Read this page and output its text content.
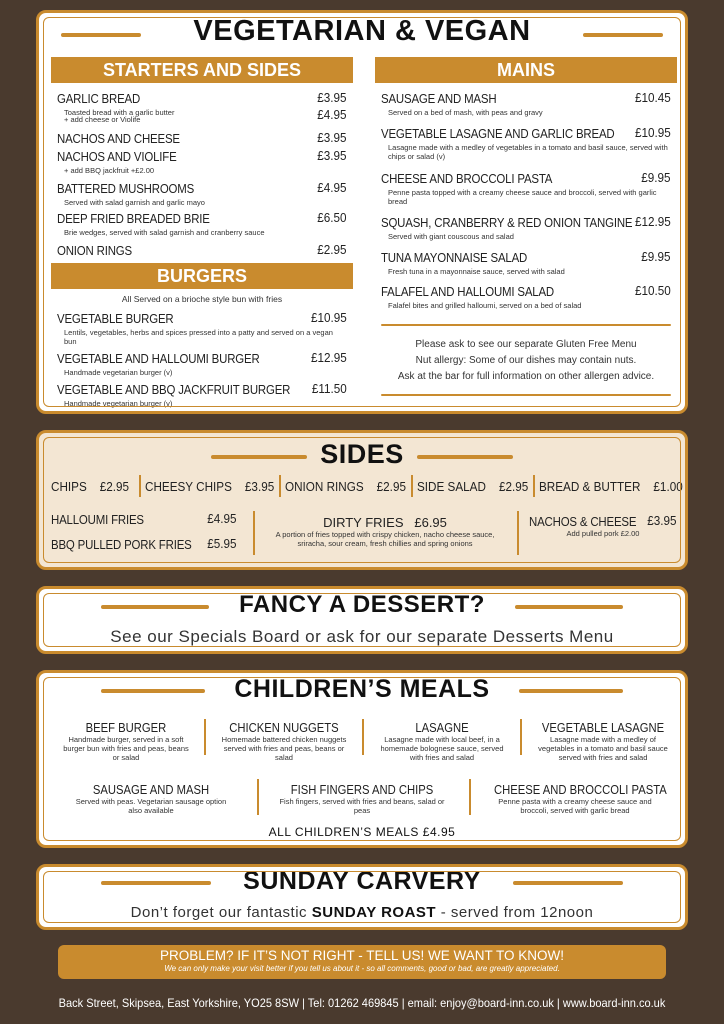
VEGETARIAN & VEGAN
STARTERS AND SIDES
GARLIC BREAD	£3.95
Toasted bread with a garlic butter
+ add cheese or Violife	£4.95
NACHOS AND CHEESE	£3.95
NACHOS AND VIOLIFE	£3.95
+ add BBQ jackfruit +£2.00
BATTERED MUSHROOMS	£4.95
Served with salad garnish and garlic mayo
DEEP FRIED BREADED BRIE	£6.50
Brie wedges, served with salad garnish and cranberry sauce
ONION RINGS	£2.95
BURGERS
All Served on a brioche style bun with fries
VEGETABLE BURGER	£10.95
Lentils, vegetables, herbs and spices pressed into a patty and served on a vegan bun
VEGETABLE AND HALLOUMI BURGER	£12.95
Handmade vegetarian burger (v)
VEGETABLE AND BBQ JACKFRUIT BURGER £11.50
Handmade vegetarian burger (v)
MAINS
SAUSAGE AND MASH	£10.45
Served on a bed of mash, with peas and gravy
VEGETABLE LASAGNE AND GARLIC BREAD £10.95
Lasagne made with a medley of vegetables in a tomato and basil sauce, served with chips or salad (v)
CHEESE AND BROCCOLI PASTA	£9.95
Penne pasta topped with a creamy cheese sauce and broccoli, served with garlic bread
SQUASH, CRANBERRY & RED ONION TANGINE £12.95
Served with giant couscous and salad
TUNA MAYONNAISE SALAD	£9.95
Fresh tuna in a mayonnaise sauce, served with salad
FALAFEL AND HALLOUMI SALAD	£10.50
Falafel bites and grilled halloumi, served on a bed of salad
Please ask to see our separate Gluten Free Menu
Nut allergy: Some of our dishes may contain nuts.
Ask at the bar for full information on other allergen advice.
SIDES
CHIPS £2.95 CHEESY CHIPS £3.95 ONION RINGS £2.95 SIDE SALAD £2.95 BREAD & BUTTER £1.00
HALLOUMI FRIES	£4.95
BBQ PULLED PORK FRIES £5.95
DIRTY FRIES £6.95
A portion of fries topped with crispy chicken, nacho cheese sauce, sriracha, sour cream, fresh chillies and spring onions
NACHOS & CHEESE £3.95
Add pulled pork £2.00
FANCY A DESSERT?
See our Specials Board or ask for our separate Desserts Menu
CHILDREN’S MEALS
BEEF BURGER
Handmade burger, served in a soft burger bun with fries and peas, beans or salad
CHICKEN NUGGETS
Homemade battered chicken nuggets served with fries and peas, beans or salad
LASAGNE
Lasagne made with local beef, in a homemade bolognese sauce, served with fries and salad
VEGETABLE LASAGNE
Lasagne made with a medley of vegetables in a tomato and basil sauce served with fries and salad
SAUSAGE AND MASH
Served with peas. Vegetarian sausage option also available
FISH FINGERS AND CHIPS
Fish fingers, served with fries and beans, salad or peas
CHEESE AND BROCCOLI PASTA
Penne pasta with a creamy cheese sauce and broccoli, served with garlic bread
ALL CHILDREN’S MEALS £4.95
SUNDAY CARVERY
Don’t forget our fantastic SUNDAY ROAST - served from 12noon
PROBLEM? IF IT’S NOT RIGHT - TELL US! WE WANT TO KNOW!
We can only make your visit better if you tell us about it - so all comments, good or bad, are greatly appreciated.
Back Street, Skipsea, East Yorkshire, YO25 8SW | Tel: 01262 469845 | email: enjoy@board-inn.co.uk | www.board-inn.co.uk
